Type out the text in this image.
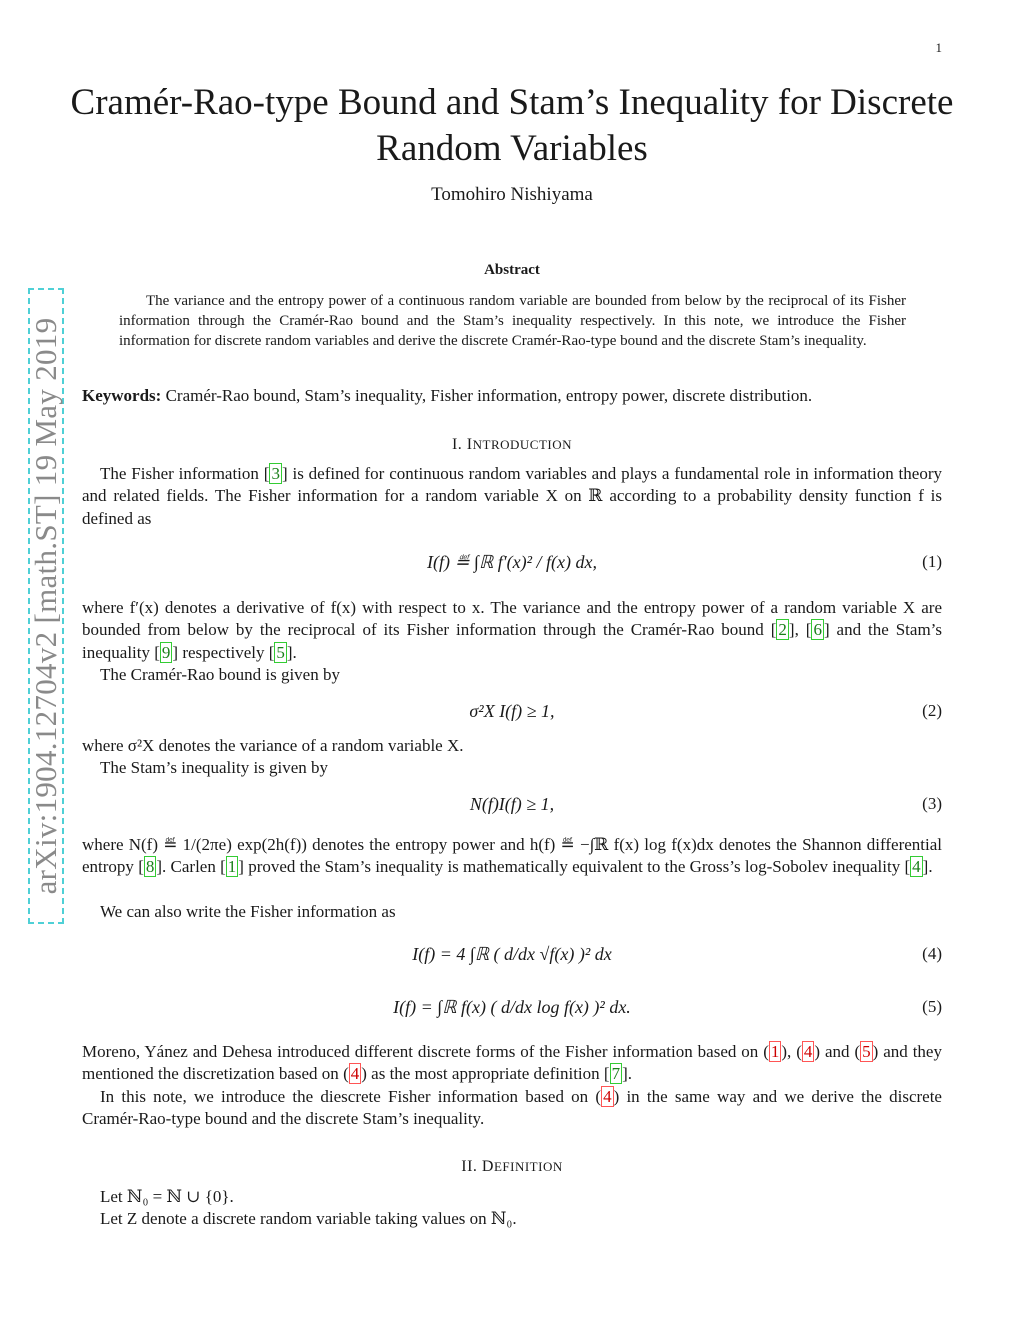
1
arXiv:1904.12704v2 [math.ST] 19 May 2019
Cramér-Rao-type Bound and Stam’s Inequality for Discrete Random Variables
Tomohiro Nishiyama
Abstract

The variance and the entropy power of a continuous random variable are bounded from below by the reciprocal of its Fisher information through the Cramér-Rao bound and the Stam’s inequality respectively. In this note, we introduce the Fisher information for discrete random variables and derive the discrete Cramér-Rao-type bound and the discrete Stam’s inequality.

Keywords: Cramér-Rao bound, Stam’s inequality, Fisher information, entropy power, discrete distribution.

I. INTRODUCTION

The Fisher information [ 3 ] is defined for continuous random variables and plays a fundamental role in information theory and related fields. The Fisher information for a random variable X on ℝ according to a probability density function f is defined as

I(f) ≝ ∫ℝ f′(x)² / f(x) dx,	(1)

where f′(x) denotes a derivative of f(x) with respect to x. The variance and the entropy power of a random variable X are bounded from below by the reciprocal of its Fisher information through the Cramér-Rao bound [ 2 ], [ 6 ] and the Stam’s inequality [ 9 ] respectively [ 5 ].

The Cramér-Rao bound is given by
σ²X I(f) ≥ 1,	(2)
where σ²X denotes the variance of a random variable X.
The Stam’s inequality is given by
N(f)I(f) ≥ 1,	(3)

where N(f) ≝ 1/(2πe) exp(2h(f)) denotes the entropy power and h(f) ≝ −∫ℝ f(x) log f(x)dx denotes the Shannon differential entropy [ 8 ]. Carlen [ 1 ] proved the Stam’s inequality is mathematically equivalent to the Gross’s log-Sobolev inequality [ 4 ].

We can also write the Fisher information as
I(f) = 4 ∫ℝ ( d/dx √f(x) )² dx	(4)
I(f) = ∫ℝ f(x) ( d/dx log f(x) )² dx.	(5)

Moreno, Yánez and Dehesa introduced different discrete forms of the Fisher information based on ( 1 ), ( 4 ) and ( 5 ) and they mentioned the discretization based on ( 4 ) as the most appropriate definition [ 7 ].

In this note, we introduce the diescrete Fisher information based on ( 4 ) in the same way and we derive the discrete Cramér-Rao-type bound and the discrete Stam’s inequality.

II. DEFINITION
Let ℕ₀ = ℕ ∪ {0}.
Let Z denote a discrete random variable taking values on ℕ₀.
